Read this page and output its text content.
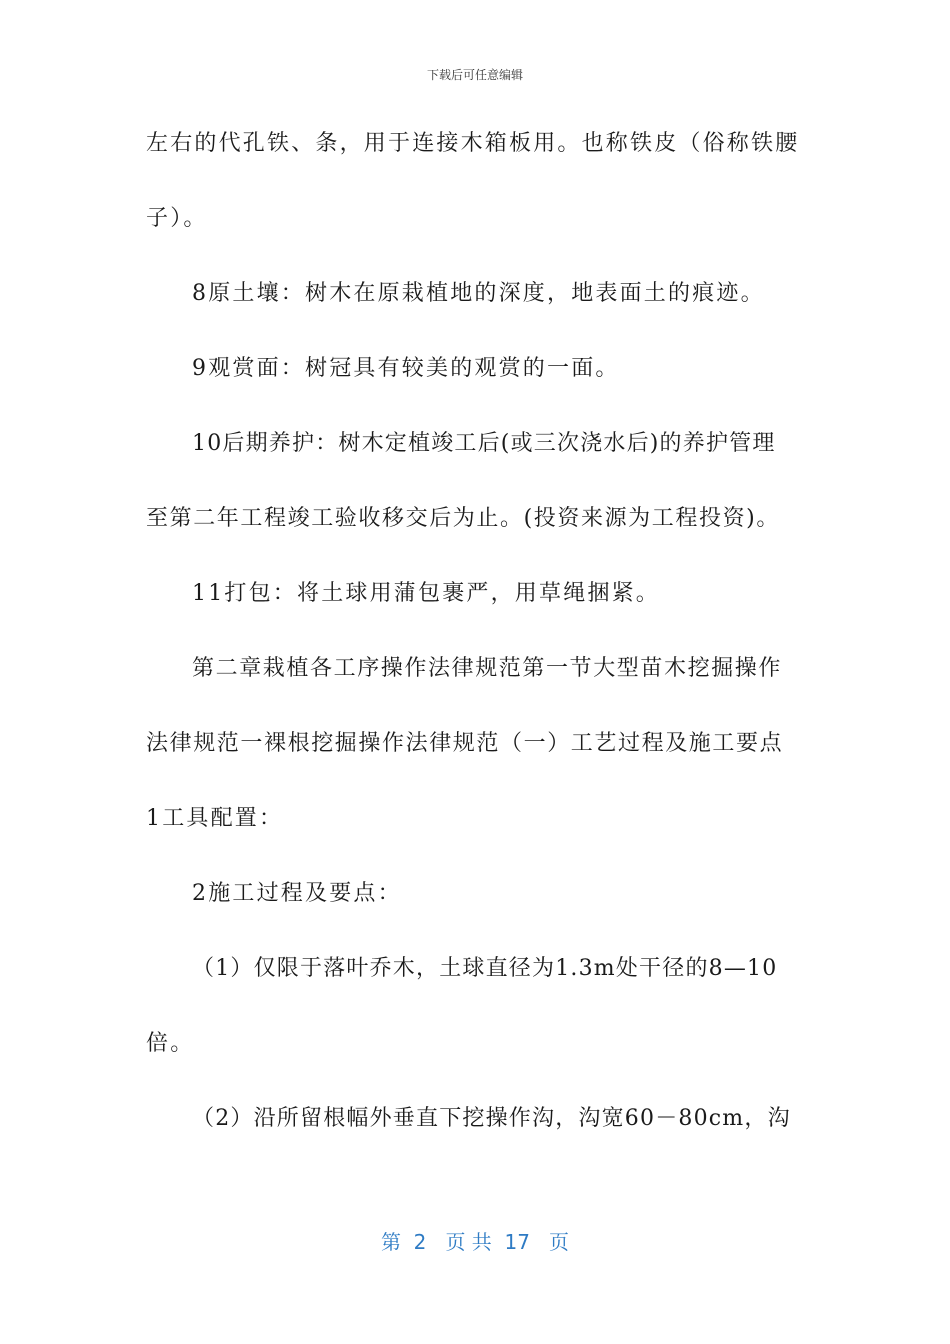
下载后可任意编辑
左右的代孔铁、条，用于连接木箱板用。也称铁皮（俗称铁腰
子）。
8原土壤：树木在原栽植地的深度，地表面土的痕迹。
9观赏面：树冠具有较美的观赏的一面。
10后期养护：树木定植竣工后(或三次浇水后)的养护管理
至第二年工程竣工验收移交后为止。(投资来源为工程投资)。
11打包：将土球用蒲包裹严，用草绳捆紧。
第二章栽植各工序操作法律规范第一节大型苗木挖掘操作
法律规范一裸根挖掘操作法律规范（一）工艺过程及施工要点
1工具配置：
2施工过程及要点：
（1）仅限于落叶乔木，土球直径为1.3m处干径的8—10
倍。
（2）沿所留根幅外垂直下挖操作沟，沟宽60－80cm，沟
第  2   页 共  17   页
